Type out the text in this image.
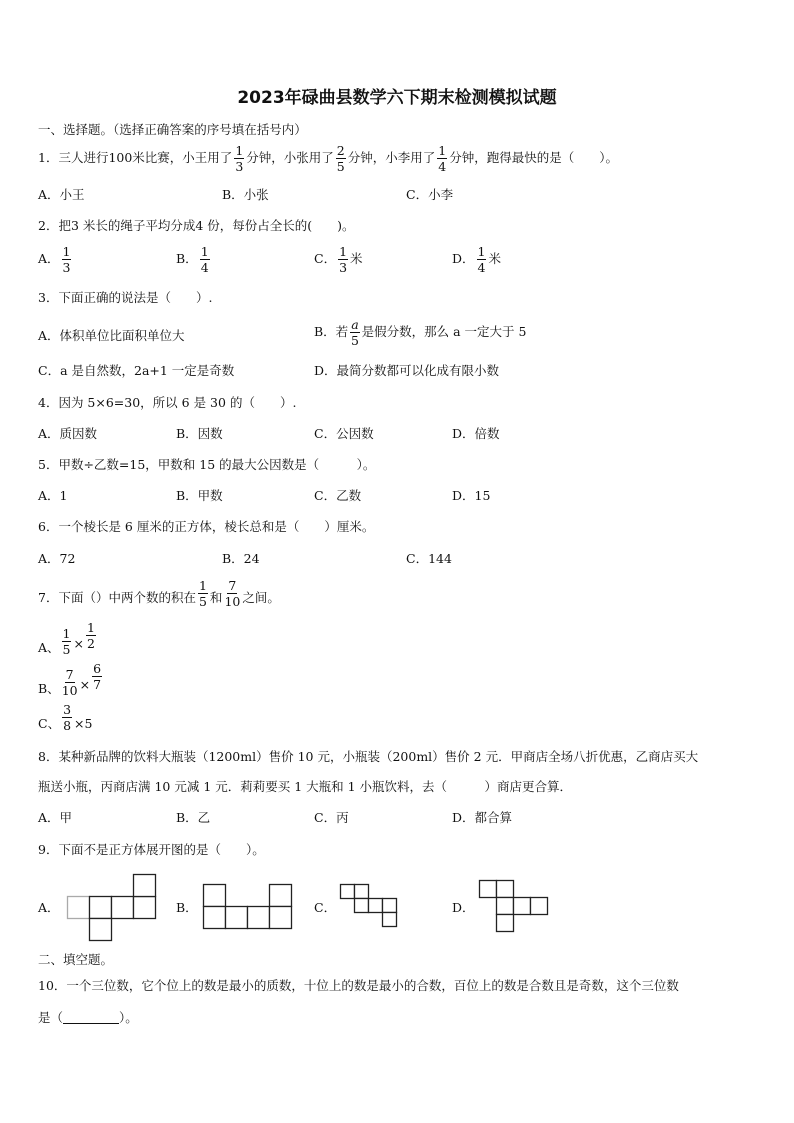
2023年碌曲县数学六下期末检测模拟试题
一、选择题。（选择正确答案的序号填在括号内）
1．三人进行100米比赛，小王用了 $\frac{1}{3}$ 分钟，小张用了 $\frac{2}{5}$ 分钟，小李用了 $\frac{1}{4}$ 分钟，跑得最快的是（　　）。
A．小王	B．小张	C．小李
2．把3 米长的绳子平均分成4 份，每份占全长的(　　)。
A． $\frac{1}{3}$	B． $\frac{1}{4}$	C． $\frac{1}{3}$ 米	D． $\frac{1}{4}$ 米
3．下面正确的说法是（　　）.
A．体积单位比面积单位大	B．若 $\frac{a}{5}$ 是假分数，那么 a 一定大于 5
C．a 是自然数，2a+1 一定是奇数	D．最简分数都可以化成有限小数
4．因为 5×6=30，所以 6 是 30 的（　　）.
A．质因数	B．因数	C．公因数	D．倍数
5．甲数÷乙数=15，甲数和 15 的最大公因数是（　　　）。
A．1	B．甲数	C．乙数	D．15
6．一个棱长是 6 厘米的正方体，棱长总和是（　　）厘米。
A．72	B．24	C．144
7．下面（）中两个数的积在 $\frac{1}{5}$ 和 $\frac{7}{10}$ 之间。
A、 $\frac{1}{5} \times \frac{1}{2}$
B、 $\frac{7}{10} \times \frac{6}{7}$
C、 $\frac{3}{8} \times 5$
8．某种新品牌的饮料大瓶装（1200ml）售价 10 元，小瓶装（200ml）售价 2 元．甲商店全场八折优惠，乙商店买大
瓶送小瓶，丙商店满 10 元减 1 元．莉莉要买 1 大瓶和 1 小瓶饮料，去（　　　）商店更合算．
A．甲	B．乙	C．丙	D．都合算
9．下面不是正方体展开图的是（　　）。
A．	B．	C．	D．
二、填空题。
10．一个三位数，它个位上的数是最小的质数，十位上的数是最小的合数，百位上的数是合数且是奇数，这个三位数
是（	）。
